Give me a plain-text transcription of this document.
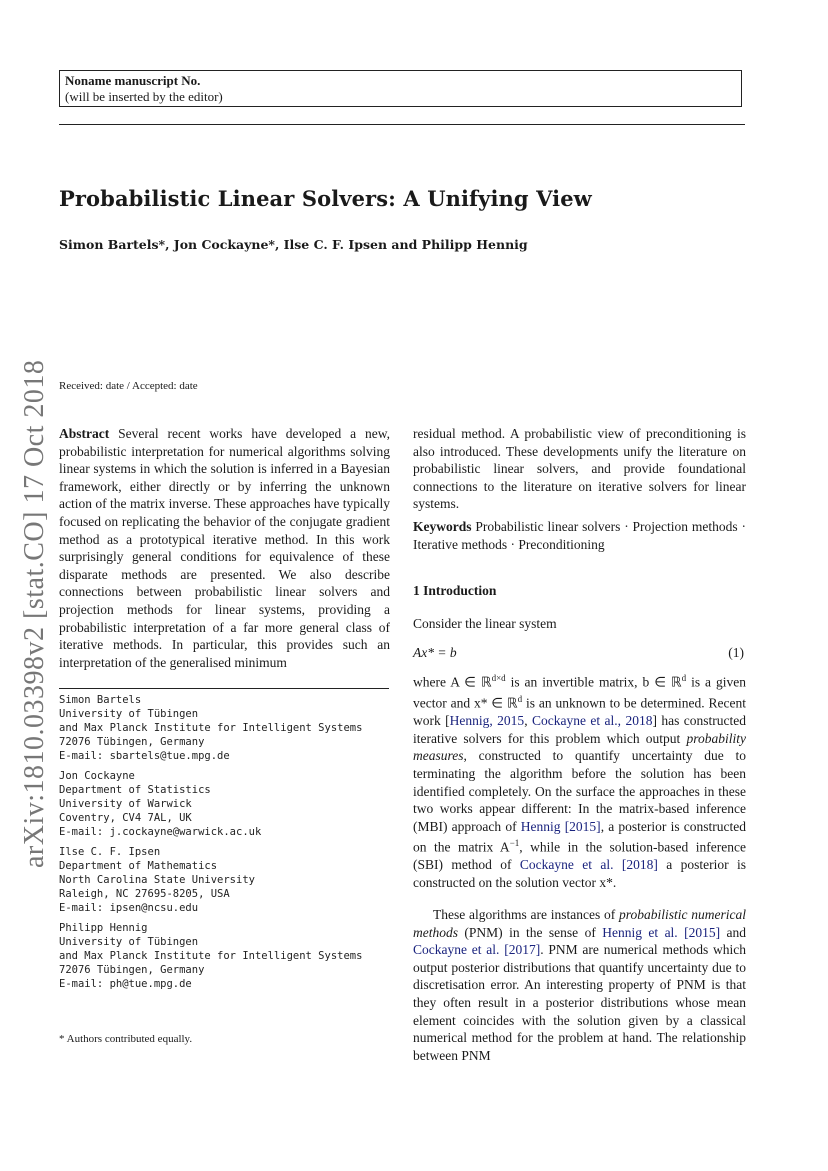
Noname manuscript No.
(will be inserted by the editor)
Probabilistic Linear Solvers: A Unifying View
Simon Bartels*, Jon Cockayne*, Ilse C. F. Ipsen and Philipp Hennig
arXiv:1810.03398v2 [stat.CO] 17 Oct 2018 Received: date / Accepted: date
Abstract Several recent works have developed a new, probabilistic interpretation for numerical algorithms solving linear systems in which the solution is inferred in a Bayesian framework, either directly or by inferring the unknown action of the matrix inverse. These approaches have typically focused on replicating the behavior of the conjugate gradient method as a prototypical iterative method. In this work surprisingly general conditions for equivalence of these disparate methods are presented. We also describe connections between probabilistic linear solvers and projection methods for linear systems, providing a probabilistic interpretation of a far more general class of iterative methods. In particular, this provides such an interpretation of the generalised minimum
residual method. A probabilistic view of preconditioning is also introduced. These developments unify the literature on probabilistic linear solvers, and provide foundational connections to the literature on iterative solvers for linear systems.
Keywords Probabilistic linear solvers · Projection methods · Iterative methods · Preconditioning
1 Introduction
Consider the linear system
Ax* = b	(1)
where A ∈ ℝ$^{d\times d}$ is an invertible matrix, b ∈ ℝ$^d$ is a given vector and x* ∈ ℝ$^d$ is an unknown to be determined. Recent work [Hennig, 2015, Cockayne et al., 2018] has constructed iterative solvers for this problem which output probability measures, constructed to quantify uncertainty due to terminating the algorithm before the solution has been identified completely. On the surface the approaches in these two works appear different: In the matrix-based inference (MBI) approach of Hennig [2015], a posterior is constructed on the matrix $A^{-1}$, while in the solution-based inference (SBI) method of Cockayne et al. [2018] a posterior is constructed on the solution vector x*.
These algorithms are instances of probabilistic numerical methods (PNM) in the sense of Hennig et al. [2015] and Cockayne et al. [2017]. PNM are numerical methods which output posterior distributions that quantify uncertainty due to discretisation error. An interesting property of PNM is that they often result in a posterior distributions whose mean element coincides with the solution given by a classical numerical method for the problem at hand. The relationship between PNM
Simon Bartels
University of Tübingen
and Max Planck Institute for Intelligent Systems
72076 Tübingen, Germany
E-mail: sbartels@tue.mpg.de
Jon Cockayne
Department of Statistics
University of Warwick
Coventry, CV4 7AL, UK
E-mail: j.cockayne@warwick.ac.uk
Ilse C. F. Ipsen
Department of Mathematics
North Carolina State University
Raleigh, NC 27695-8205, USA
E-mail: ipsen@ncsu.edu
Philipp Hennig
University of Tübingen
and Max Planck Institute for Intelligent Systems
72076 Tübingen, Germany
E-mail: ph@tue.mpg.de
* Authors contributed equally.
